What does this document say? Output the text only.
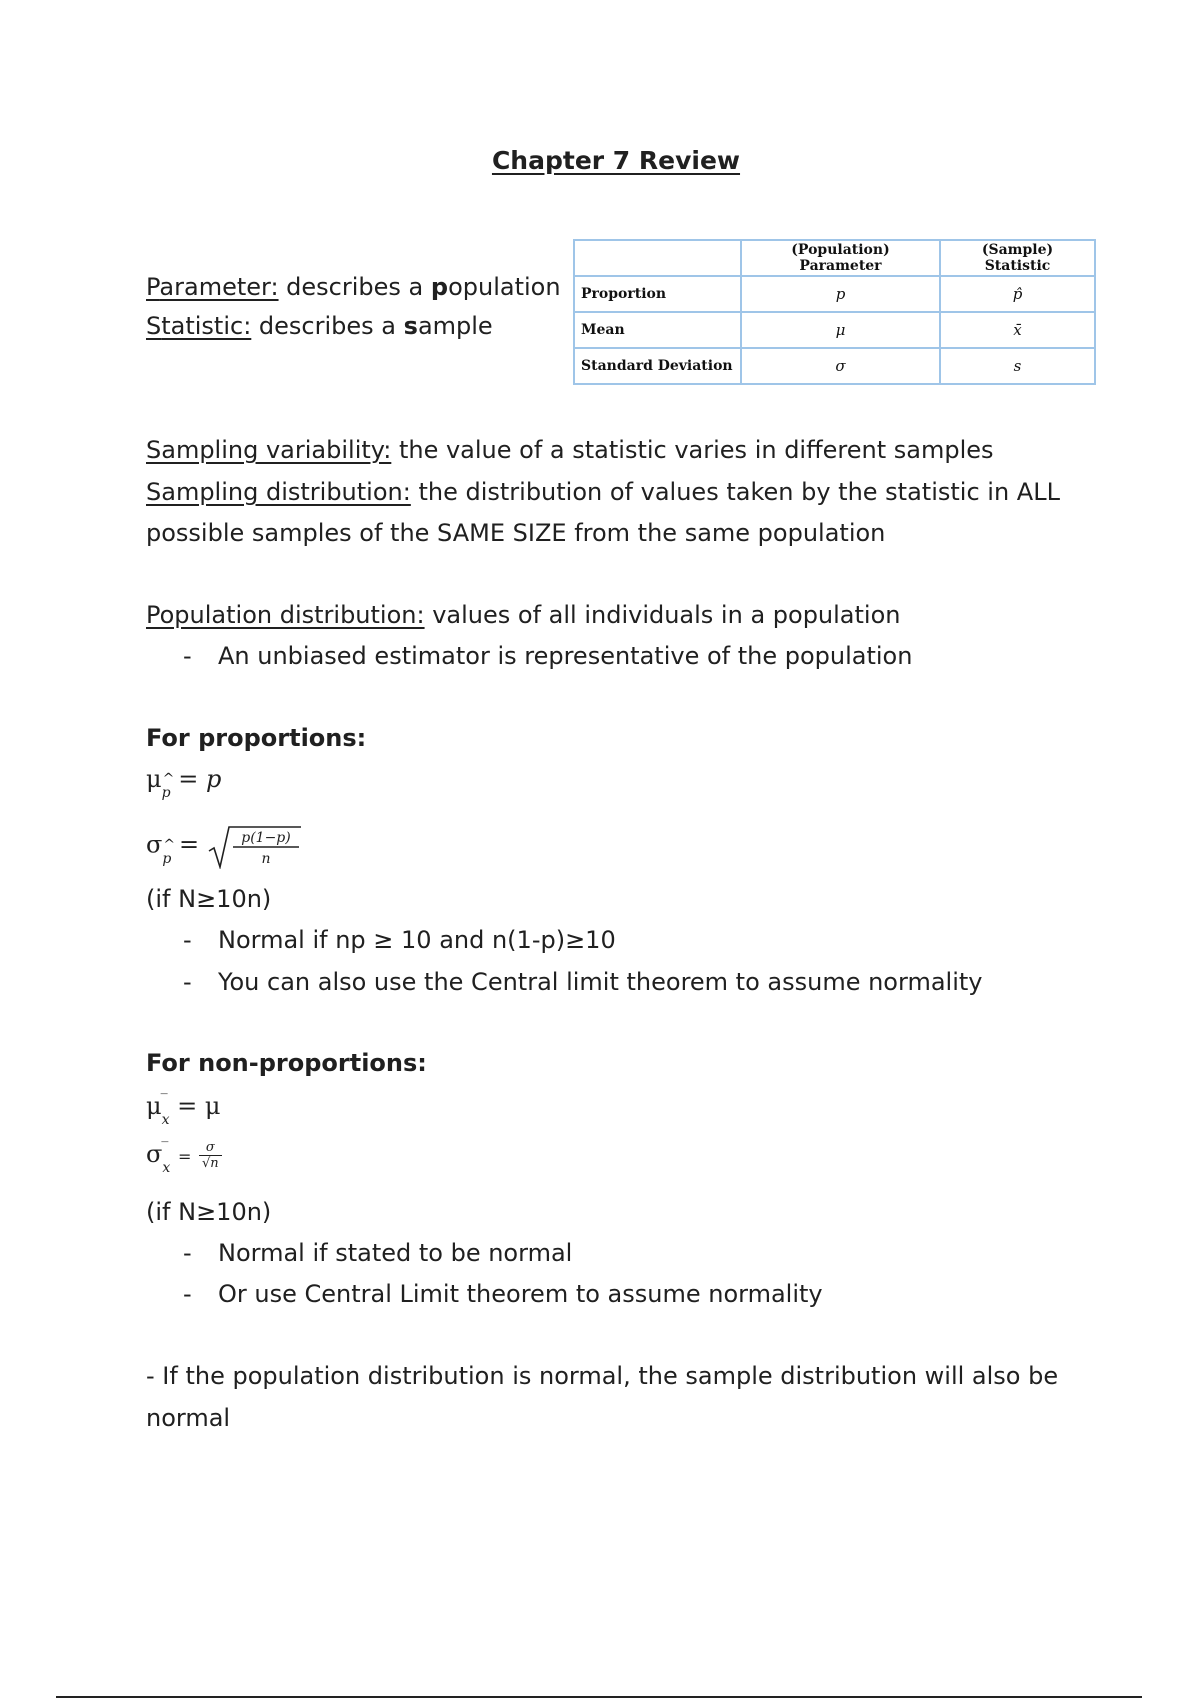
Chapter 7 Review
Parameter: describes a population
Statistic: describes a sample
	(Population) Parameter	(Sample) Statistic
Proportion	p	p̂
Mean	μ	x̄
Standard Deviation	σ	s
Sampling variability: the value of a statistic varies in different samples
Sampling distribution: the distribution of values taken by the statistic in ALL
possible samples of the SAME SIZE from the same population
Population distribution: values of all individuals in a population
- An unbiased estimator is representative of the population
For proportions:
μ ^
p = p
σ ^
p =	p(1−p)
n
(if N≥10n)
- Normal if np ≥ 10 and n(1-p)≥10
- You can also use the Central limit theorem to assume normality
For non-proportions:
μ ‾
x = μ
σ ‾
$x = \frac{\sigma}{√n}$
(if N≥10n)
- Normal if stated to be normal
- Or use Central Limit theorem to assume normality
- If the population distribution is normal, the sample distribution will also be
normal
